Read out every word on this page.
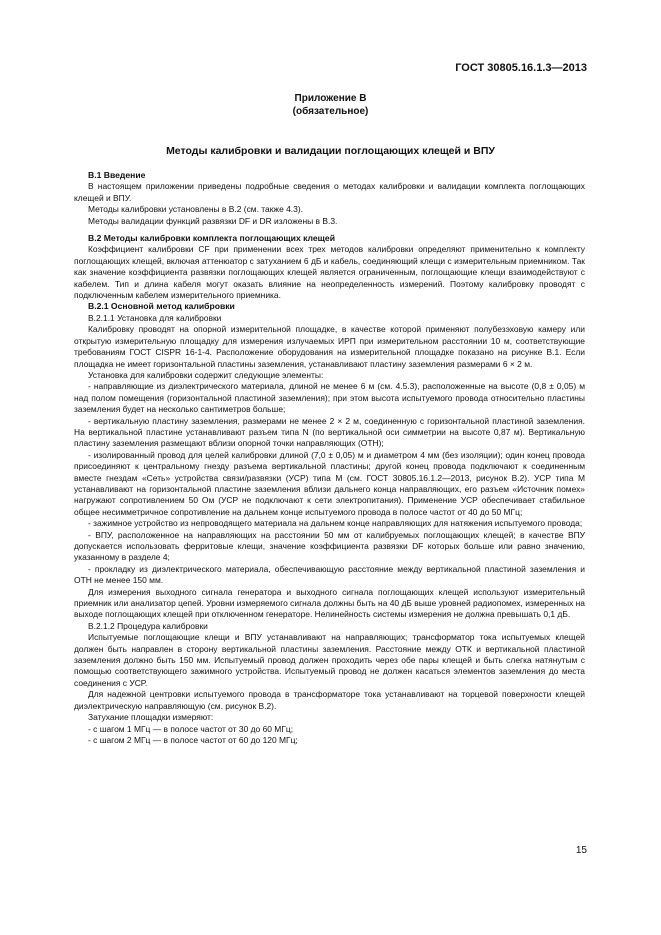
ГОСТ 30805.16.1.3—2013
Приложение В
(обязательное)
Методы калибровки и валидации поглощающих клещей и ВПУ
В.1 Введение

В настоящем приложении приведены подробные сведения о методах калибровки и валидации комплекта поглощающих клещей и ВПУ.

Методы калибровки установлены в В.2 (см. также 4.3).

Методы валидации функций развязки DF и DR изложены в В.3.

В.2 Методы калибровки комплекта поглощающих клещей

Коэффициент калибровки CF при применении всех трех методов калибровки определяют применительно к комплекту поглощающих клещей, включая аттенюатор с затуханием 6 дБ и кабель, соединяющий клещи с измерительным приемником. Так как значение коэффициента развязки поглощающих клещей является ограниченным, поглощающие клещи взаимодействуют с кабелем. Тип и длина кабеля могут оказать влияние на неопределенность измерений. Поэтому калибровку проводят с подключенным кабелем измерительного приемника.

В.2.1 Основной метод калибровки

В.2.1.1 Установка для калибровки

Калибровку проводят на опорной измерительной площадке, в качестве которой применяют полубезэховую камеру или открытую измерительную площадку для измерения излучаемых ИРП при измерительном расстоянии 10 м, соответствующие требованиям ГОСТ CISPR 16-1-4. Расположение оборудования на измерительной площадке показано на рисунке В.1. Если площадка не имеет горизонтальной пластины заземления, устанавливают пластину заземления размерами 6 × 2 м.

Установка для калибровки содержит следующие элементы:

- направляющие из диэлектрического материала, длиной не менее 6 м (см. 4.5.3), расположенные на высоте (0,8 ± 0,05) м над полом помещения (горизонтальной пластиной заземления); при этом высота испытуемого провода относительно пластины заземления будет на несколько сантиметров больше;

- вертикальную пластину заземления, размерами не менее 2 × 2 м, соединенную с горизонтальной пластиной заземления. На вертикальной пластине устанавливают разъем типа N (по вертикальной оси симметрии на высоте 0,87 м). Вертикальную пластину заземления размещают вблизи опорной точки направляющих (ОТН);

- изолированный провод для целей калибровки длиной (7,0 ± 0,05) м и диаметром 4 мм (без изоляции); один конец провода присоединяют к центральному гнезду разъема вертикальной пластины; другой конец провода подключают к соединенным вместе гнездам «Сеть» устройства связи/развязки (УСР) типа М (см. ГОСТ 30805.16.1.2—2013, рисунок В.2). УСР типа М устанавливают на горизонтальной пластине заземления вблизи дальнего конца направляющих, его разъем «Источник помех» нагружают сопротивлением 50 Ом (УСР не подключают к сети электропитания). Применение УСР обеспечивает стабильное общее несимметричное сопротивление на дальнем конце испытуемого провода в полосе частот от 40 до 50 МГц;

- зажимное устройство из непроводящего материала на дальнем конце направляющих для натяжения испытуемого провода;

- ВПУ, расположенное на направляющих на расстоянии 50 мм от калибруемых поглощающих клещей; в качестве ВПУ допускается использовать ферритовые клещи, значение коэффициента развязки DF которых больше или равно значению, указанному в разделе 4;

- прокладку из диэлектрического материала, обеспечивающую расстояние между вертикальной пластиной заземления и ОТН не менее 150 мм.

Для измерения выходного сигнала генератора и выходного сигнала поглощающих клещей используют измерительный приемник или анализатор цепей. Уровни измеряемого сигнала должны быть на 40 дБ выше уровней радиопомех, измеренных на выходе поглощающих клещей при отключенном генераторе. Нелинейность системы измерения не должна превышать 0,1 дБ.

В.2.1.2 Процедура калибровки

Испытуемые поглощающие клещи и ВПУ устанавливают на направляющих; трансформатор тока испытуемых клещей должен быть направлен в сторону вертикальной пластины заземления. Расстояние между ОТК и вертикальной пластиной заземления должно быть 150 мм. Испытуемый провод должен проходить через обе пары клещей и быть слегка натянутым с помощью соответствующего зажимного устройства. Испытуемый провод не должен касаться элементов заземления до места соединения с УСР.

Для надежной центровки испытуемого провода в трансформаторе тока устанавливают на торцевой поверхности клещей диэлектрическую направляющую (см. рисунок В.2).

Затухание площадки измеряют:

- с шагом 1 МГц — в полосе частот от 30 до 60 МГц;

- с шагом 2 МГц — в полосе частот от 60 до 120 МГц;

15
